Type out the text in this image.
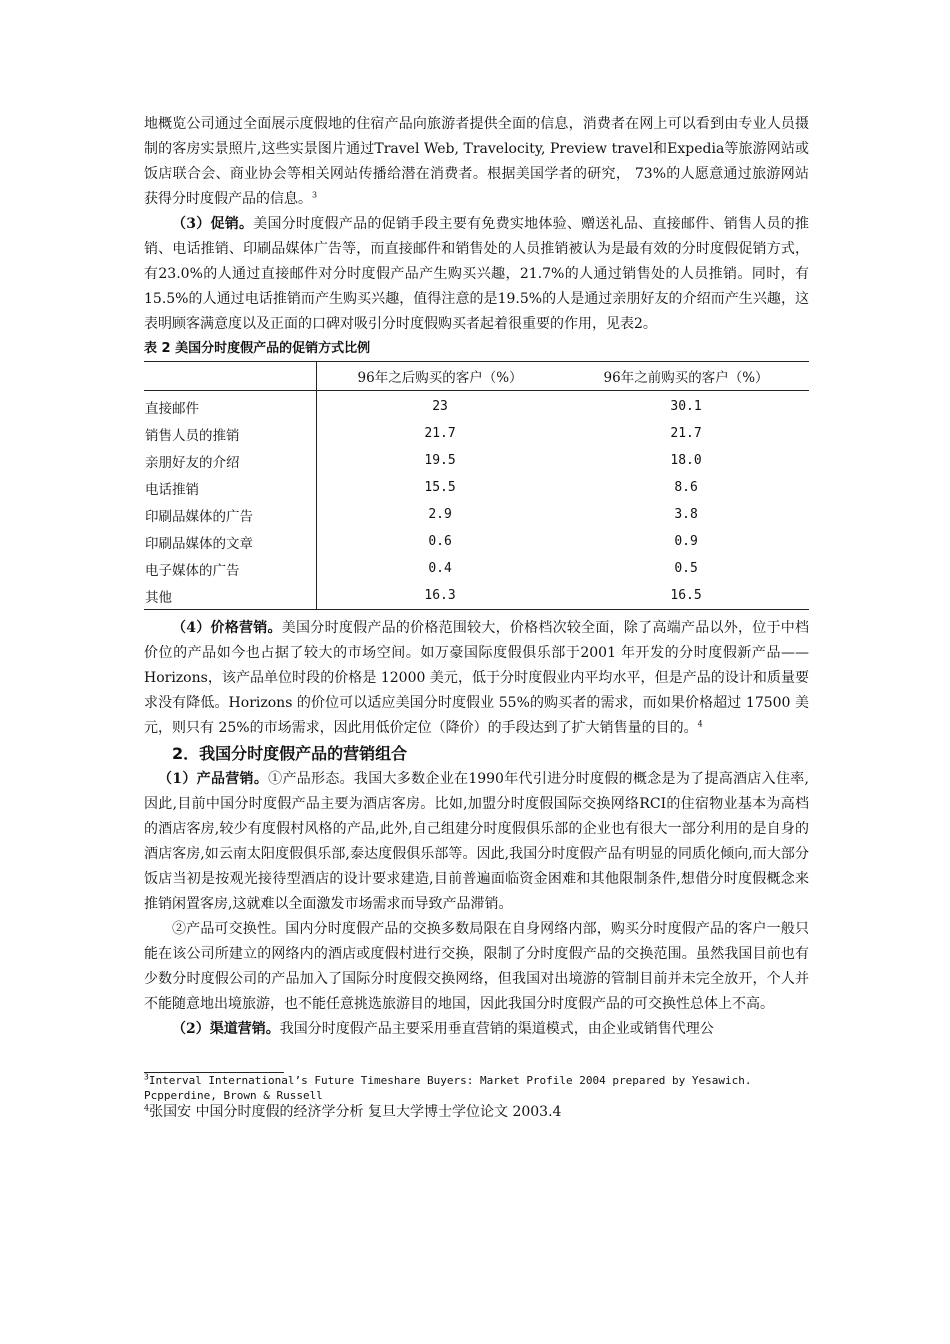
地概览公司通过全面展示度假地的住宿产品向旅游者提供全面的信息，消费者在网上可以看到由专业人员摄制的客房实景照片,这些实景图片通过Travel Web, Travelocity, Preview travel和Expedia等旅游网站或饭店联合会、商业协会等相关网站传播给潜在消费者。根据美国学者的研究， 73%的人愿意通过旅游网站获得分时度假产品的信息。$^3$

（3）促销。美国分时度假产品的促销手段主要有免费实地体验、赠送礼品、直接邮件、销售人员的推销、电话推销、印刷品媒体广告等，而直接邮件和销售处的人员推销被认为是最有效的分时度假促销方式，有23.0%的人通过直接邮件对分时度假产品产生购买兴趣，21.7%的人通过销售处的人员推销。同时，有15.5%的人通过电话推销而产生购买兴趣，值得注意的是19.5%的人是通过亲朋好友的介绍而产生兴趣，这表明顾客满意度以及正面的口碑对吸引分时度假购买者起着很重要的作用，见表2。

表 2 美国分时度假产品的促销方式比例
	96年之后购买的客户（%）	96年之前购买的客户（%）
直接邮件	23	30.1
销售人员的推销	21.7	21.7
亲朋好友的介绍	19.5	18.0
电话推销	15.5	8.6
印刷品媒体的广告	2.9	3.8
印刷品媒体的文章	0.6	0.9
电子媒体的广告	0.4	0.5
其他	16.3	16.5

（4）价格营销。美国分时度假产品的价格范围较大，价格档次较全面，除了高端产品以外，位于中档价位的产品如今也占据了较大的市场空间。如万豪国际度假俱乐部于2001 年开发的分时度假新产品——Horizons，该产品单位时段的价格是 12000 美元，低于分时度假业内平均水平，但是产品的设计和质量要求没有降低。Horizons 的价位可以适应美国分时度假业 55%的购买者的需求，而如果价格超过 17500 美元，则只有 25%的市场需求，因此用低价定位（降价）的手段达到了扩大销售量的目的。$^4$

2．我国分时度假产品的营销组合

（1）产品营销。①产品形态。我国大多数企业在1990年代引进分时度假的概念是为了提高酒店入住率,因此,目前中国分时度假产品主要为酒店客房。比如,加盟分时度假国际交换网络RCI的住宿物业基本为高档的酒店客房,较少有度假村风格的产品,此外,自己组建分时度假俱乐部的企业也有很大一部分利用的是自身的酒店客房,如云南太阳度假俱乐部,泰达度假俱乐部等。因此,我国分时度假产品有明显的同质化倾向,而大部分饭店当初是按观光接待型酒店的设计要求建造,目前普遍面临资金困难和其他限制条件,想借分时度假概念来推销闲置客房,这就难以全面激发市场需求而导致产品滞销。

②产品可交换性。国内分时度假产品的交换多数局限在自身网络内部，购买分时度假产品的客户一般只能在该公司所建立的网络内的酒店或度假村进行交换，限制了分时度假产品的交换范围。虽然我国目前也有少数分时度假公司的产品加入了国际分时度假交换网络，但我国对出境游的管制目前并未完全放开，个人并不能随意地出境旅游，也不能任意挑选旅游目的地国，因此我国分时度假产品的可交换性总体上不高。

（2）渠道营销。我国分时度假产品主要采用垂直营销的渠道模式，由企业或销售代理公

$^3$Interval International’s Future Timeshare Buyers: Market Profile 2004 prepared by Yesawich. Pcpperdine, Brown & Russell
$^4$张国安 中国分时度假的经济学分析 复旦大学博士学位论文 2003.4
